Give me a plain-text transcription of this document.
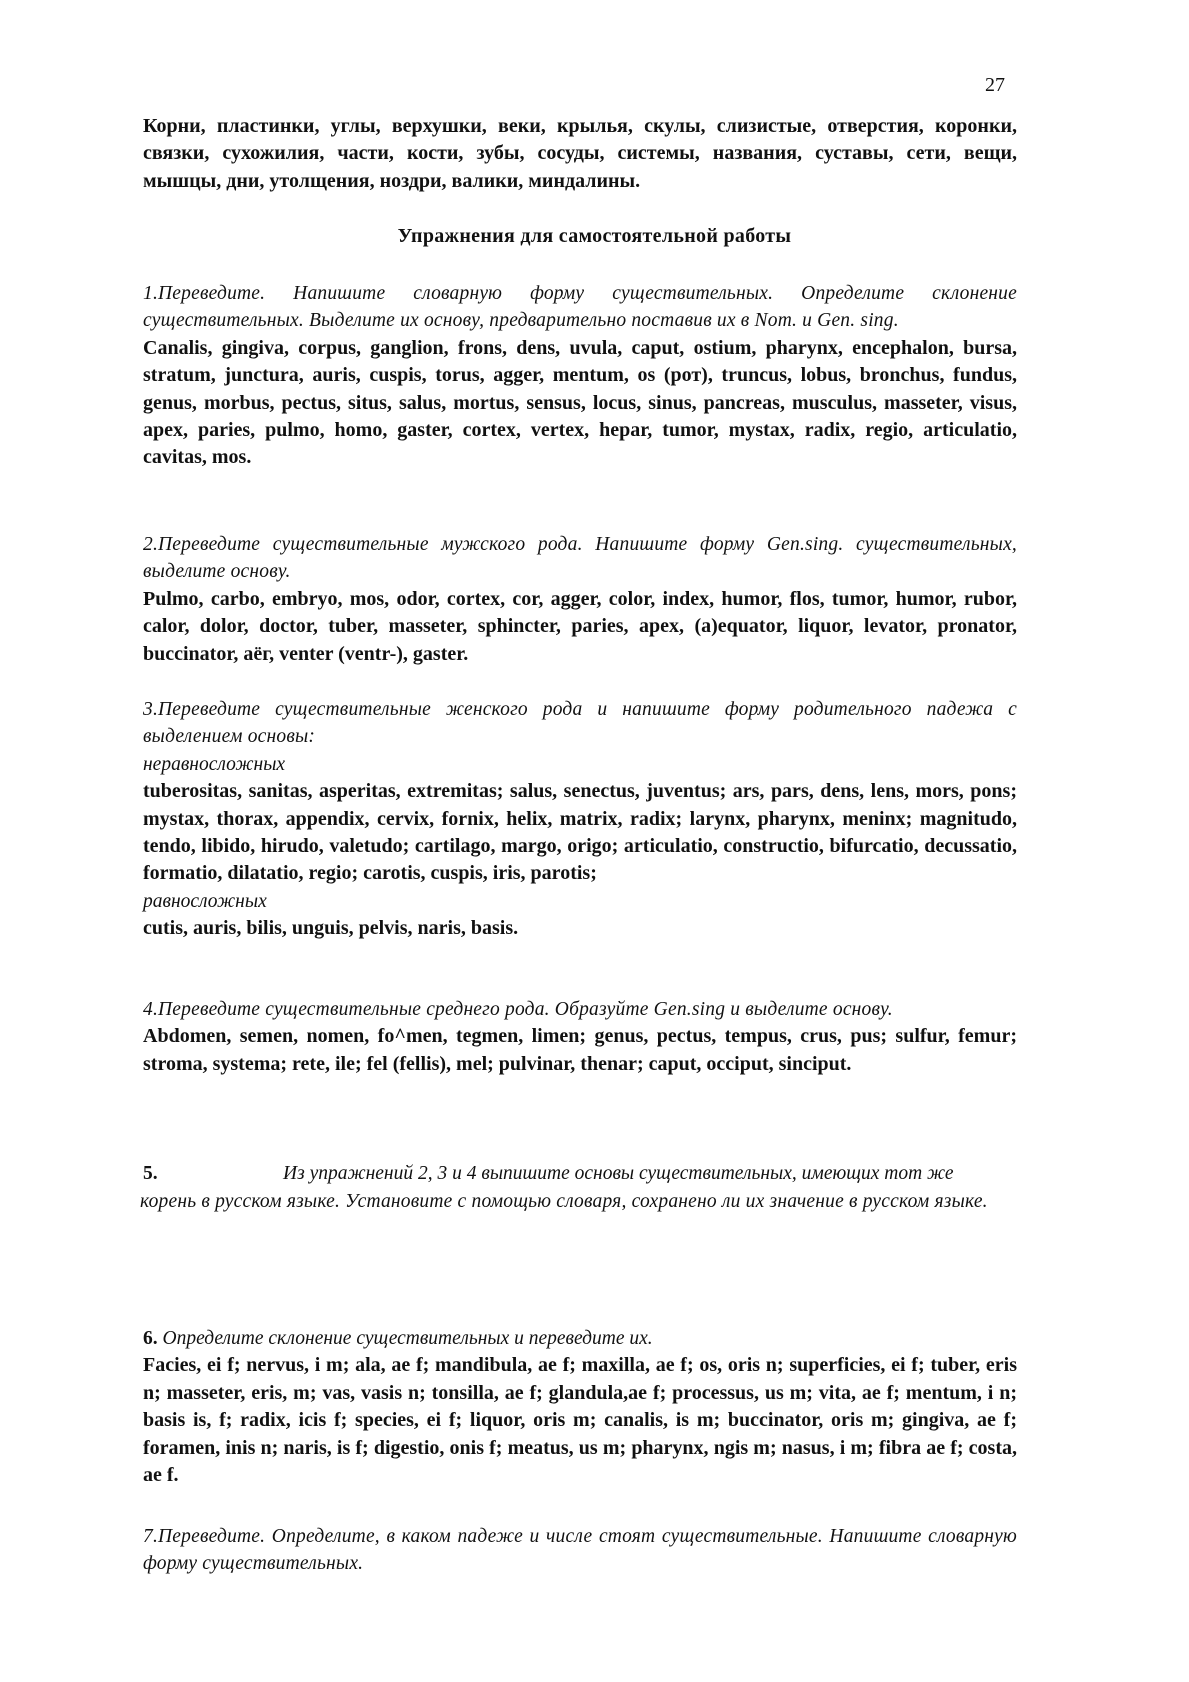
27

Корни, пластинки, углы, верхушки, веки, крылья, скулы, слизистые, отверстия, коронки, связки, сухожилия, части, кости, зубы, сосуды, системы, названия, суставы, сети, вещи, мышцы, дни, утолщения, ноздри, валики, миндалины.

Упражнения для самостоятельной работы

1.Переведите. Напишите словарную форму существительных. Определите склонение существительных. Выделите их основу, предварительно поставив их в Nom. и Gen. sing.

Canalis, gingiva, corpus, ganglion, frons, dens, uvula, caput, ostium, pharynx, encephalon, bursa, stratum, junctura, auris, cuspis, torus, agger, mentum, os (рот), truncus, lobus, bronchus, fundus, genus, morbus, pectus, situs, salus, mortus, sensus, locus, sinus, pancreas, musculus, masseter, visus, apex, paries, pulmo, homo, gaster, cortex, vertex, hepar, tumor, mystax, radix, regio, articulatio, cavitas, mos.

2.Переведите существительные мужского рода. Напишите форму Gen.sing. существительных, выделите основу.

Pulmo, carbo, embryo, mos, odor, cortex, cor, agger, color, index, humor, flos, tumor, humor, rubor, calor, dolor, doctor, tuber, masseter, sphincter, paries, apex, (a)equator, liquor, levator, pronator, buccinator, аёг, venter (ventr-), gaster.

3.Переведите существительные женского рода и напишите форму родительного падежа с выделением основы:

неравносложных

tuberositas, sanitas, asperitas, extremitas; salus, senectus, juventus; ars, pars, dens, lens, mors, pons; mystax, thorax, appendix, cervix, fornix, helix, matrix, radix; larynx, pharynx, meninx; magnitudo, tendo, libido, hirudo, valetudo; cartilago, margo, origo; articulatio, constructio, bifurcatio, decussatio, formatio, dilatatio, regio; carotis, cuspis, iris, parotis;

равносложных

cutis, auris, bilis, unguis, pelvis, naris, basis.

4.Переведите существительные среднего рода. Образуйте Gen.sing и выделите основу.

Abdomen, semen, nomen, fo^men, tegmen, limen; genus, pectus, tempus, crus, pus; sulfur, femur; stroma, systema; rete, ile; fel (fellis), mel; pulvinar, thenar; caput, occiput, sinciput.

5.	Из упражнений 2, 3 и 4 выпишите основы существительных, имеющих тот же

корень в русском языке. Установите с помощью словаря, сохранено ли их значение в русском языке.

6. Определите склонение существительных и переведите их.

Facies, ei f; nervus, i m; ala, ae f; mandibula, ae f; maxilla, ae f; os, oris n; superficies, ei f; tuber, eris n; masseter, eris, m; vas, vasis n; tonsilla, ae f; glandula,ae f; processus, us m; vita, ae f; mentum, i n; basis is, f; radix, icis f; species, ei f; liquor, oris m; canalis, is m; buccinator, oris m; gingiva, ae f; foramen, inis n; naris, is f; digestio, onis f; meatus, us m; pharynx, ngis m; nasus, i m; fibra ae f; costa, ae f.

7.Переведите. Определите, в каком падеже и числе стоят существительные. Напишите словарную форму существительных.
